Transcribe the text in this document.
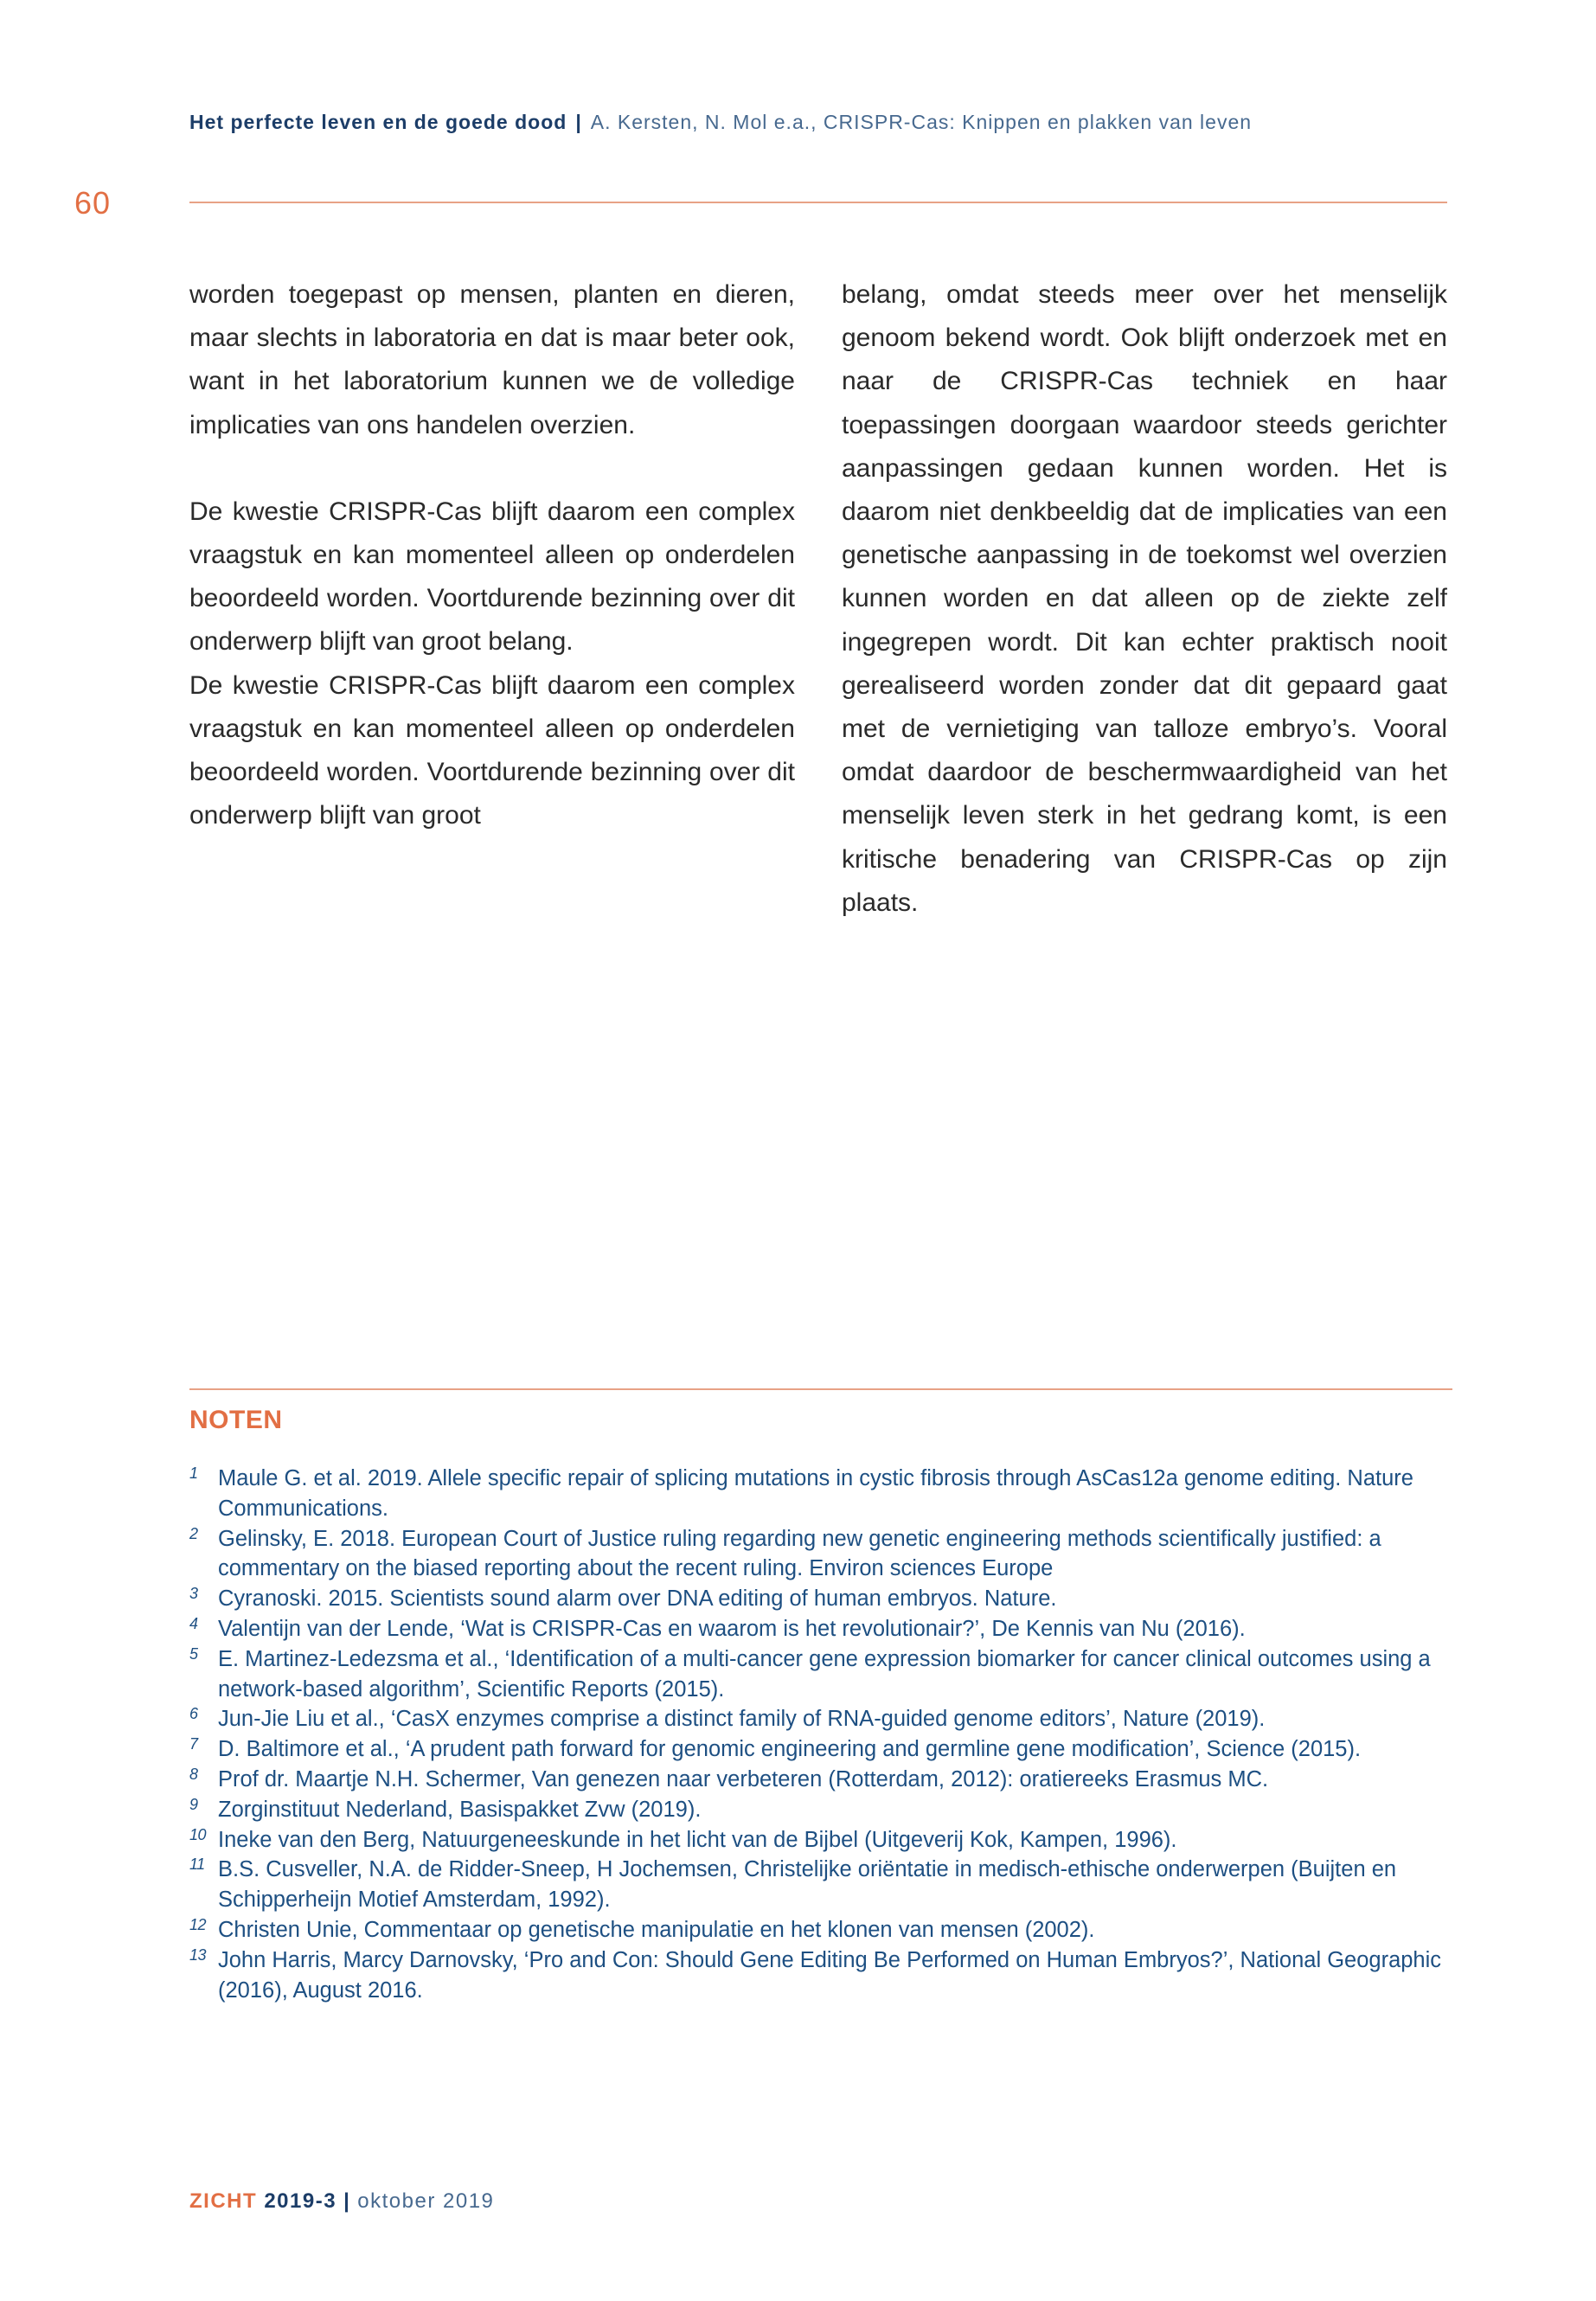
Het perfecte leven en de goede dood | A. Kersten, N. Mol e.a., CRISPR-Cas: Knippen en plakken van leven
60

worden toegepast op mensen, planten en dieren, maar slechts in laboratoria en dat is maar beter ook, want in het laboratorium kunnen we de volledige implicaties van ons handelen overzien.

De kwestie CRISPR-Cas blijft daarom een complex vraagstuk en kan momenteel alleen op onderdelen beoordeeld worden. Voortdurende bezinning over dit onderwerp blijft van groot belang.

De kwestie CRISPR-Cas blijft daarom een complex vraagstuk en kan momenteel alleen op onderdelen beoordeeld worden. Voortdurende bezinning over dit onderwerp blijft van groot

belang, omdat steeds meer over het menselijk genoom bekend wordt. Ook blijft onderzoek met en naar de CRISPR-Cas techniek en haar toepassingen doorgaan waardoor steeds gerichter aanpassingen gedaan kunnen worden. Het is daarom niet denkbeeldig dat de implicaties van een genetische aanpassing in de toekomst wel overzien kunnen worden en dat alleen op de ziekte zelf ingegrepen wordt. Dit kan echter praktisch nooit gerealiseerd worden zonder dat dit gepaard gaat met de vernietiging van talloze embryo’s. Vooral omdat daardoor de beschermwaardigheid van het menselijk leven sterk in het gedrang komt, is een kritische benadering van CRISPR-Cas op zijn plaats.

NOTEN
1 Maule G. et al. 2019. Allele specific repair of splicing mutations in cystic fibrosis through AsCas12a genome editing. Nature Communications.
2 Gelinsky, E. 2018. European Court of Justice ruling regarding new genetic engineering methods scientifically justified: a commentary on the biased reporting about the recent ruling. Environ sciences Europe
3 Cyranoski. 2015. Scientists sound alarm over DNA editing of human embryos. Nature.
4 Valentijn van der Lende, ‘Wat is CRISPR-Cas en waarom is het revolutionair?’, De Kennis van Nu (2016).
5 E. Martinez-Ledezsma et al., ‘Identification of a multi-cancer gene expression biomarker for cancer clinical outcomes using a network-based algorithm’, Scientific Reports (2015).
6 Jun-Jie Liu et al., ‘CasX enzymes comprise a distinct family of RNA-guided genome editors’, Nature (2019).
7 D. Baltimore et al., ‘A prudent path forward for genomic engineering and germline gene modification’, Science (2015).
8 Prof dr. Maartje N.H. Schermer, Van genezen naar verbeteren (Rotterdam, 2012): oratiereeks Erasmus MC.
9 Zorginstituut Nederland, Basispakket Zvw (2019).
10 Ineke van den Berg, Natuurgeneeskunde in het licht van de Bijbel (Uitgeverij Kok, Kampen, 1996).
11 B.S. Cusveller, N.A. de Ridder-Sneep, H Jochemsen, Christelijke oriëntatie in medisch-ethische onderwerpen (Buijten en Schipperheijn Motief Amsterdam, 1992).
12 Christen Unie, Commentaar op genetische manipulatie en het klonen van mensen (2002).
13 John Harris, Marcy Darnovsky, ‘Pro and Con: Should Gene Editing Be Performed on Human Embryos?’, National Geographic (2016), August 2016.
ZICHT 2019-3 | oktober 2019
